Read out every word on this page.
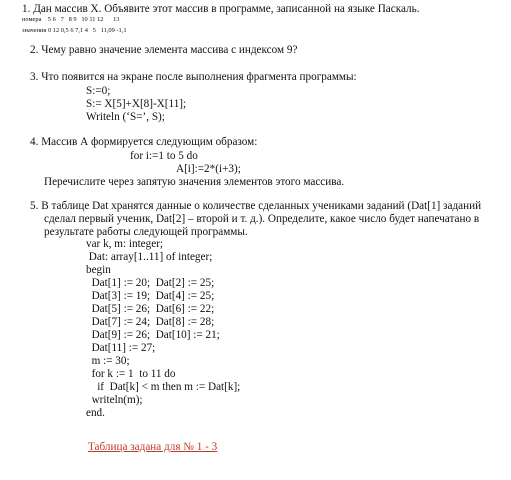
1. Дан массив X. Объявите этот массив в программе, записанной на языке Паскаль.
номера    5 6   7   8 9   10 11 12      13
значения 0 12 0,5 6 7,1 4   5   11,09 -1,1
2. Чему равно значение элемента массива с индексом 9?
3. Что появится на экране после выполнения фрагмента программы:
S:=0;
S:= X[5]+X[8]-X[11];
Writeln (‘S=’, S);
4. Массив А формируется следующим образом:
for i:=1 to 5 do
A[i]:=2*(i+3);
Перечислите через запятую значения элементов этого массива.
5. В таблице Dat хранятся данные о количестве сделанных учениками заданий (Dat[1] заданий
сделал первый ученик, Dat[2] – второй и т. д.). Определите, какое число будет напечатано в
результате работы следующей программы.
var k, m: integer;
Dat: array[1..11] of integer;
begin
Dat[1] := 20;  Dat[2] := 25;
Dat[3] := 19;  Dat[4] := 25;
Dat[5] := 26;  Dat[6] := 22;
Dat[7] := 24;  Dat[8] := 28;
Dat[9] := 26;  Dat[10] := 21;
Dat[11] := 27;
m := 30;
for k := 1  to 11 do
if  Dat[k] < m then m := Dat[k];
writeln(m);
end.
Таблица задана для № 1 - 3
